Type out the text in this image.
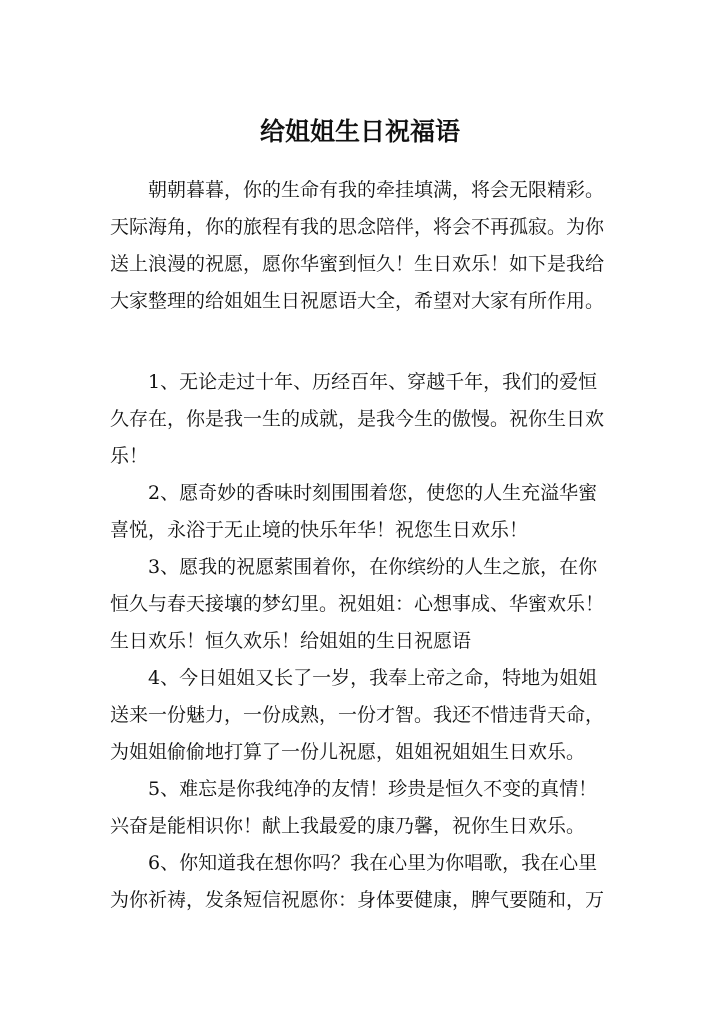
给姐姐生日祝福语
　　朝朝暮暮，你的生命有我的牵挂填满，将会无限精彩。
天际海角，你的旅程有我的思念陪伴，将会不再孤寂。为你
送上浪漫的祝愿，愿你华蜜到恒久！生日欢乐！如下是我给
大家整理的给姐姐生日祝愿语大全，希望对大家有所作用。
　　1、无论走过十年、历经百年、穿越千年，我们的爱恒
久存在，你是我一生的成就，是我今生的傲慢。祝你生日欢
乐！
　　2、愿奇妙的香味时刻围围着您，使您的人生充溢华蜜
喜悦，永浴于无止境的快乐年华！祝您生日欢乐！
　　3、愿我的祝愿萦围着你，在你缤纷的人生之旅，在你
恒久与春天接壤的梦幻里。祝姐姐：心想事成、华蜜欢乐！
生日欢乐！恒久欢乐！给姐姐的生日祝愿语
　　4、今日姐姐又长了一岁，我奉上帝之命，特地为姐姐
送来一份魅力，一份成熟，一份才智。我还不惜违背天命，
为姐姐偷偷地打算了一份儿祝愿，姐姐祝姐姐生日欢乐。
　　5、难忘是你我纯净的友情！珍贵是恒久不变的真情！
兴奋是能相识你！献上我最爱的康乃馨，祝你生日欢乐。
　　6、你知道我在想你吗？我在心里为你唱歌，我在心里
为你祈祷，发条短信祝愿你：身体要健康，脾气要随和，万
